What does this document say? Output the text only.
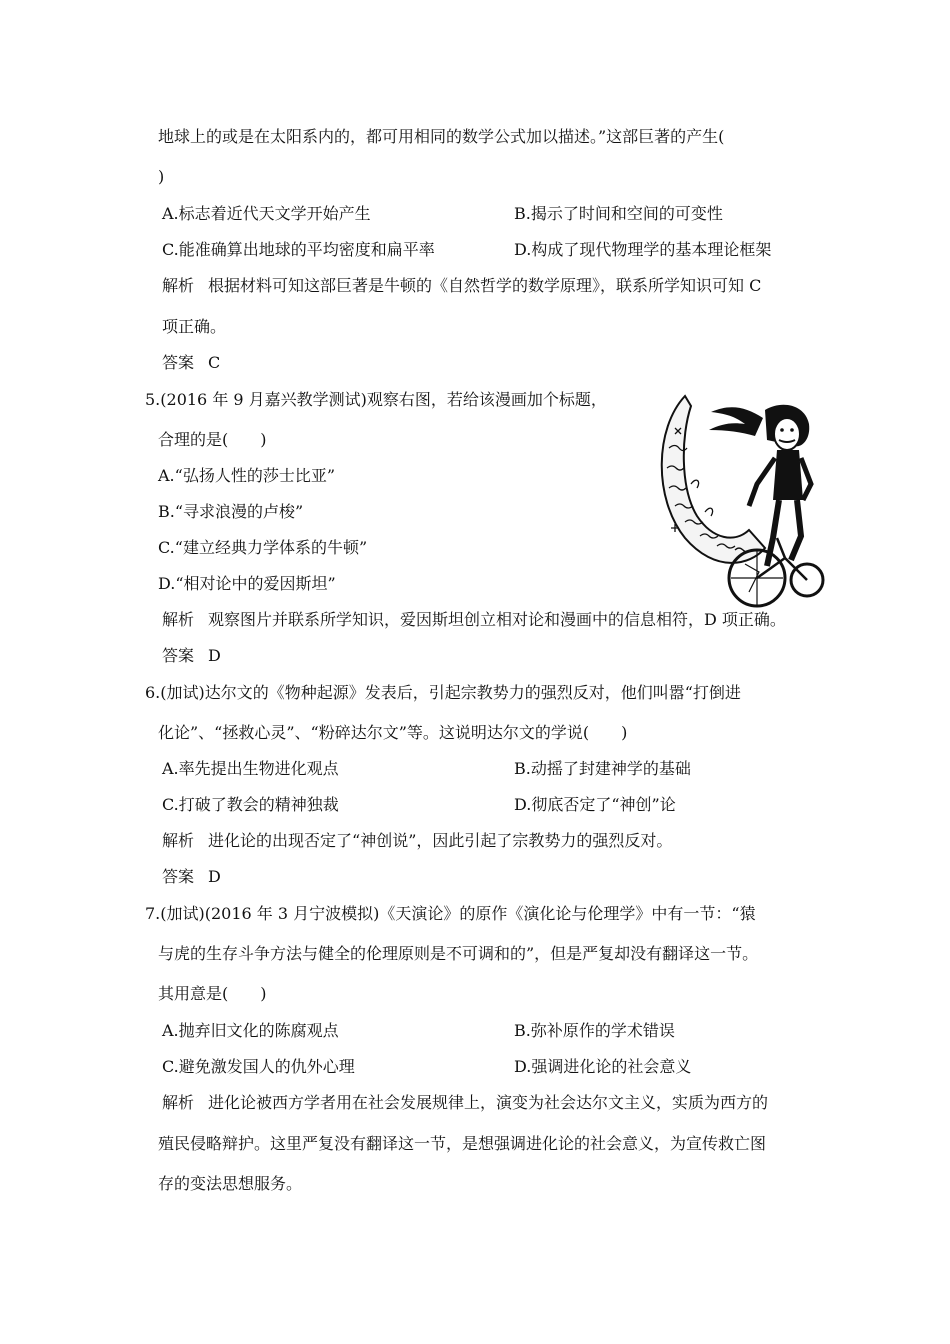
地球上的或是在太阳系内的，都可用相同的数学公式加以描述。”这部巨著的产生(
)
A.标志着近代天文学开始产生	B.揭示了时间和空间的可变性
C.能准确算出地球的平均密度和扁平率	D.构成了现代物理学的基本理论框架
解析 根据材料可知这部巨著是牛顿的《自然哲学的数学原理》，联系所学知识可知 C
项正确。
答案 C
5.(2016 年 9 月嘉兴教学测试)观察右图，若给该漫画加个标题，
合理的是(　　)
A.“弘扬人性的莎士比亚”
B.“寻求浪漫的卢梭”
C.“建立经典力学体系的牛顿”
D.“相对论中的爱因斯坦”
解析 观察图片并联系所学知识，爱因斯坦创立相对论和漫画中的信息相符，D 项正确。
答案 D
6.(加试)达尔文的《物种起源》发表后，引起宗教势力的强烈反对，他们叫嚣“打倒进
化论”、“拯救心灵”、“粉碎达尔文”等。这说明达尔文的学说(　　)
A.率先提出生物进化观点	B.动摇了封建神学的基础
C.打破了教会的精神独裁	D.彻底否定了“神创”论
解析 进化论的出现否定了“神创说”，因此引起了宗教势力的强烈反对。
答案 D
7.(加试)(2016 年 3 月宁波模拟)《天演论》的原作《演化论与伦理学》中有一节：“猿
与虎的生存斗争方法与健全的伦理原则是不可调和的”，但是严复却没有翻译这一节。
其用意是(　　)
A.抛弃旧文化的陈腐观点	B.弥补原作的学术错误
C.避免激发国人的仇外心理	D.强调进化论的社会意义
解析 进化论被西方学者用在社会发展规律上，演变为社会达尔文主义，实质为西方的
殖民侵略辩护。这里严复没有翻译这一节，是想强调进化论的社会意义，为宣传救亡图
存的变法思想服务。
